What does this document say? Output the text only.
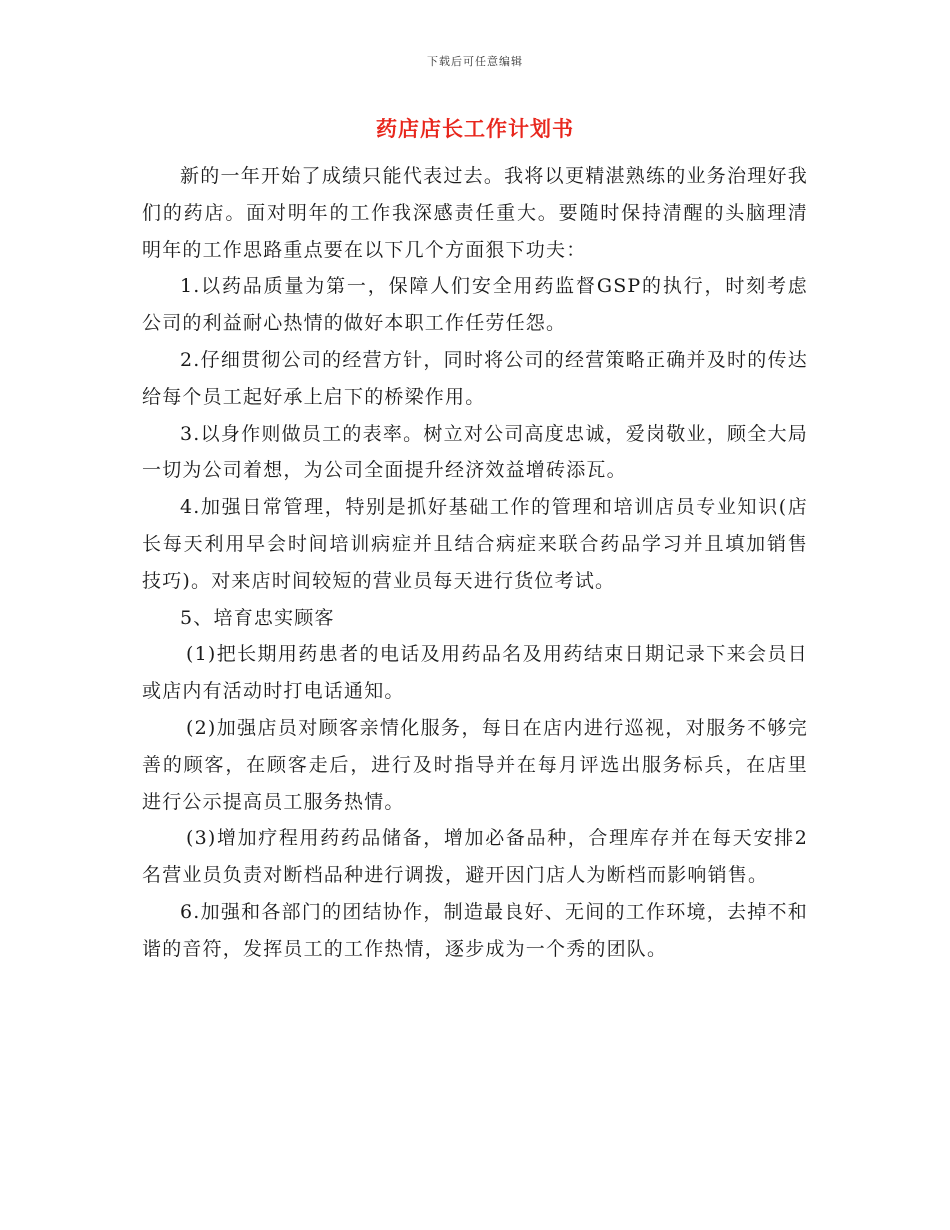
下载后可任意编辑
药店店长工作计划书

新的一年开始了成绩只能代表过去。我将以更精湛熟练的业务治理好我们的药店。面对明年的工作我深感责任重大。要随时保持清醒的头脑理清明年的工作思路重点要在以下几个方面狠下功夫：

1.以药品质量为第一，保障人们安全用药监督GSP的执行，时刻考虑公司的利益耐心热情的做好本职工作任劳任怨。

2.仔细贯彻公司的经营方针，同时将公司的经营策略正确并及时的传达给每个员工起好承上启下的桥梁作用。

3.以身作则做员工的表率。树立对公司高度忠诚，爱岗敬业，顾全大局一切为公司着想，为公司全面提升经济效益增砖添瓦。

4.加强日常管理，特别是抓好基础工作的管理和培训店员专业知识(店长每天利用早会时间培训病症并且结合病症来联合药品学习并且填加销售技巧)。对来店时间较短的营业员每天进行货位考试。

5、培育忠实顾客

(1)把长期用药患者的电话及用药品名及用药结束日期记录下来会员日或店内有活动时打电话通知。

(2)加强店员对顾客亲情化服务，每日在店内进行巡视，对服务不够完善的顾客，在顾客走后，进行及时指导并在每月评选出服务标兵，在店里进行公示提高员工服务热情。

(3)增加疗程用药药品储备，增加必备品种，合理库存并在每天安排2名营业员负责对断档品种进行调拨，避开因门店人为断档而影响销售。

6.加强和各部门的团结协作，制造最良好、无间的工作环境，去掉不和谐的音符，发挥员工的工作热情，逐步成为一个秀的团队。
